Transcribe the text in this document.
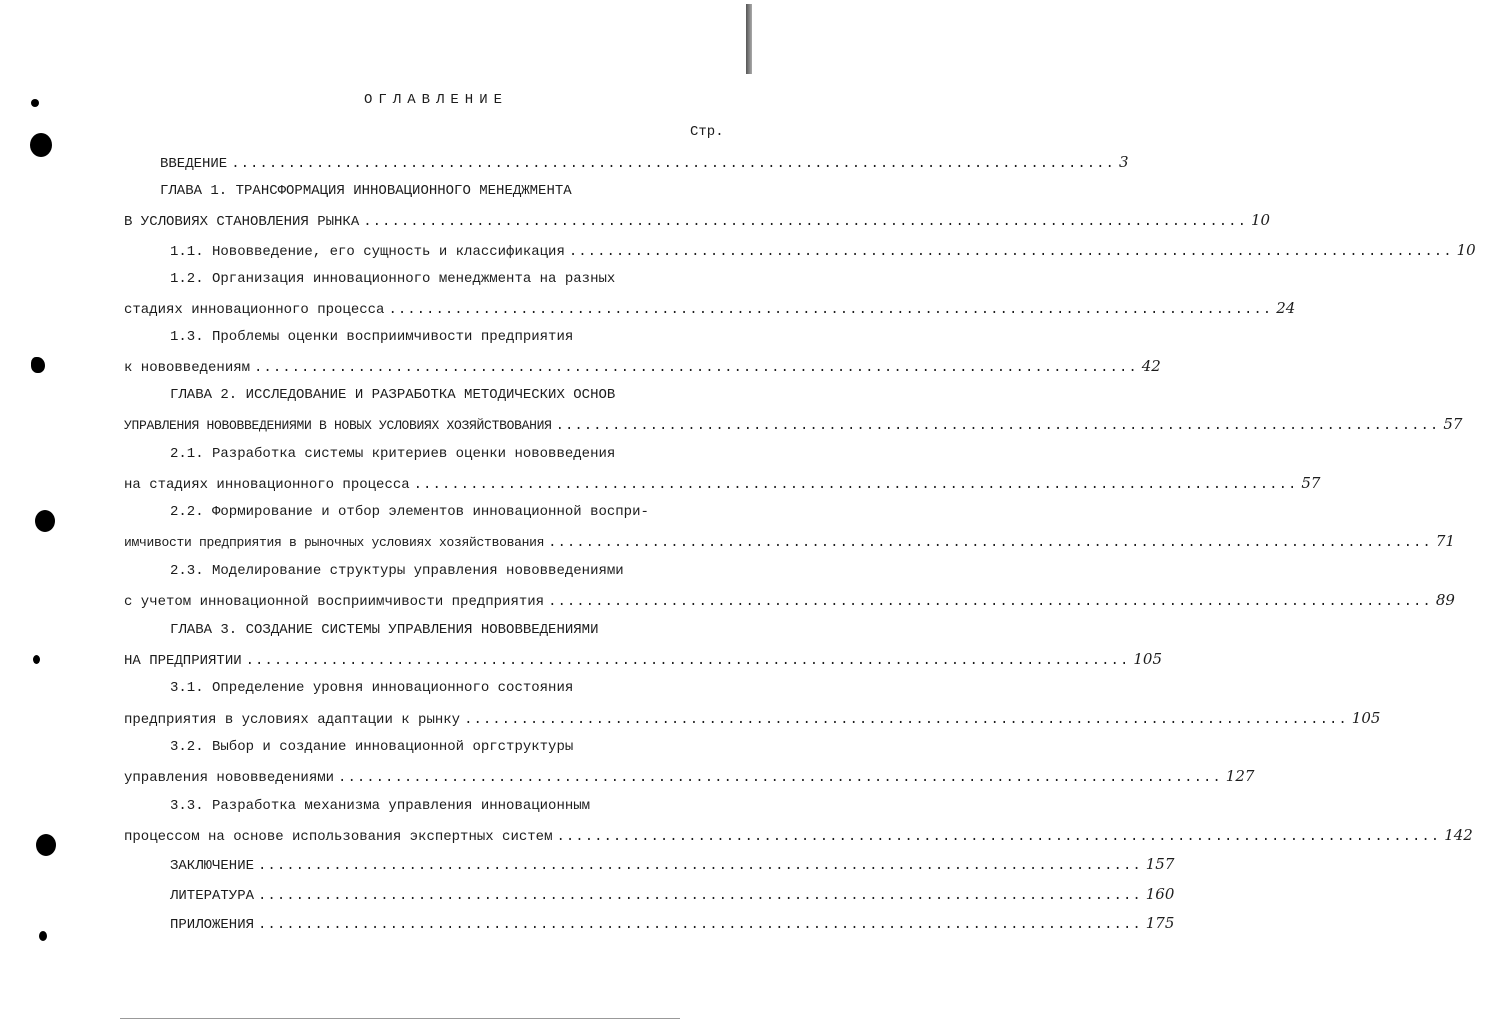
ОГЛАВЛЕНИЕ
Стр.
ВВЕДЕНИЕ .............................................................................................. 3
ГЛАВА 1. ТРАНСФОРМАЦИЯ ИННОВАЦИОННОГО МЕНЕДЖМЕНТА
В УСЛОВИЯХ СТАНОВЛЕНИЯ РЫНКА .............................................................................................. 10
1.1. Нововведение, его сущность и классификация .............................................................................................. 10
1.2. Организация инновационного менеджмента на разных
стадиях инновационного процесса .............................................................................................. 24
1.3. Проблемы оценки восприимчивости предприятия
к нововведениям .............................................................................................. 42
ГЛАВА 2. ИССЛЕДОВАНИЕ И РАЗРАБОТКА МЕТОДИЧЕСКИХ ОСНОВ
УПРАВЛЕНИЯ НОВОВВЕДЕНИЯМИ В НОВЫХ УСЛОВИЯХ ХОЗЯЙСТВОВАНИЯ .............................................................................................. 57
2.1. Разработка системы критериев оценки нововведения
на стадиях инновационного процесса .............................................................................................. 57
2.2. Формирование и отбор элементов инновационной воспри-
имчивости предприятия в рыночных условиях хозяйствования .............................................................................................. 71
2.3. Моделирование структуры управления нововведениями
с учетом инновационной восприимчивости предприятия .............................................................................................. 89
ГЛАВА 3. СОЗДАНИЕ СИСТЕМЫ УПРАВЛЕНИЯ НОВОВВЕДЕНИЯМИ
НА ПРЕДПРИЯТИИ .............................................................................................. 105
3.1. Определение уровня инновационного состояния
предприятия в условиях адаптации к рынку .............................................................................................. 105
3.2. Выбор и создание инновационной оргструктуры
управления нововведениями .............................................................................................. 127
3.3. Разработка механизма управления инновационным
процессом на основе использования экспертных систем .............................................................................................. 142
ЗАКЛЮЧЕНИЕ .............................................................................................. 157
ЛИТЕРАТУРА .............................................................................................. 160
ПРИЛОЖЕНИЯ .............................................................................................. 175
